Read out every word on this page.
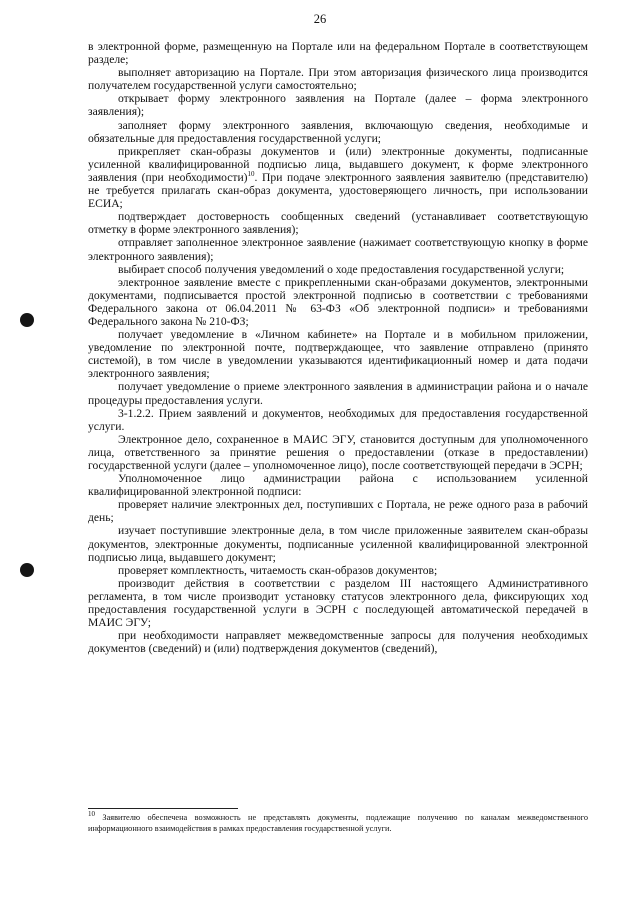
26

в электронной форме, размещенную на Портале или на федеральном Портале в соответствующем разделе;

выполняет авторизацию на Портале. При этом авторизация физического лица производится получателем государственной услуги самостоятельно;

открывает форму электронного заявления на Портале (далее – форма электронного заявления);

заполняет форму электронного заявления, включающую сведения, необходимые и обязательные для предоставления государственной услуги;

прикрепляет скан-образы документов и (или) электронные документы, подписанные усиленной квалифицированной подписью лица, выдавшего документ, к форме электронного заявления (при необходимости)$^{10}$. При подаче электронного заявления заявителю (представителю) не требуется прилагать скан-образ документа, удостоверяющего личность, при использовании ЕСИА;

подтверждает достоверность сообщенных сведений (устанавливает соответствующую отметку в форме электронного заявления);

отправляет заполненное электронное заявление (нажимает соответствующую кнопку в форме электронного заявления);

выбирает способ получения уведомлений о ходе предоставления государственной услуги;

электронное заявление вместе с прикрепленными скан-образами документов, электронными документами, подписывается простой электронной подписью в соответствии с требованиями Федерального закона от 06.04.2011 № 63-ФЗ «Об электронной подписи» и требованиями Федерального закона № 210-ФЗ;

получает уведомление в «Личном кабинете» на Портале и в мобильном приложении, уведомление по электронной почте, подтверждающее, что заявление отправлено (принято системой), в том числе в уведомлении указываются идентификационный номер и дата подачи электронного заявления;

получает уведомление о приеме электронного заявления в администрации района и о начале процедуры предоставления услуги.

3-1.2.2. Прием заявлений и документов, необходимых для предоставления государственной услуги.

Электронное дело, сохраненное в МАИС ЭГУ, становится доступным для уполномоченного лица, ответственного за принятие решения о предоставлении (отказе в предоставлении) государственной услуги (далее – уполномоченное лицо), после соответствующей передачи в ЭСРН;

Уполномоченное лицо администрации района с использованием усиленной квалифицированной электронной подписи:

проверяет наличие электронных дел, поступивших с Портала, не реже одного раза в рабочий день;

изучает поступившие электронные дела, в том числе приложенные заявителем скан-образы документов, электронные документы, подписанные усиленной квалифицированной электронной подписью лица, выдавшего документ;

проверяет комплектность, читаемость скан-образов документов;

производит действия в соответствии с разделом III настоящего Административного регламента, в том числе производит установку статусов электронного дела, фиксирующих ход предоставления государственной услуги в ЭСРН с последующей автоматической передачей в МАИС ЭГУ;

при необходимости направляет межведомственные запросы для получения необходимых документов (сведений) и (или) подтверждения документов (сведений),

$^{10}$ Заявителю обеспечена возможность не представлять документы, подлежащие получению по каналам межведомственного информационного взаимодействия в рамках предоставления государственной услуги.
